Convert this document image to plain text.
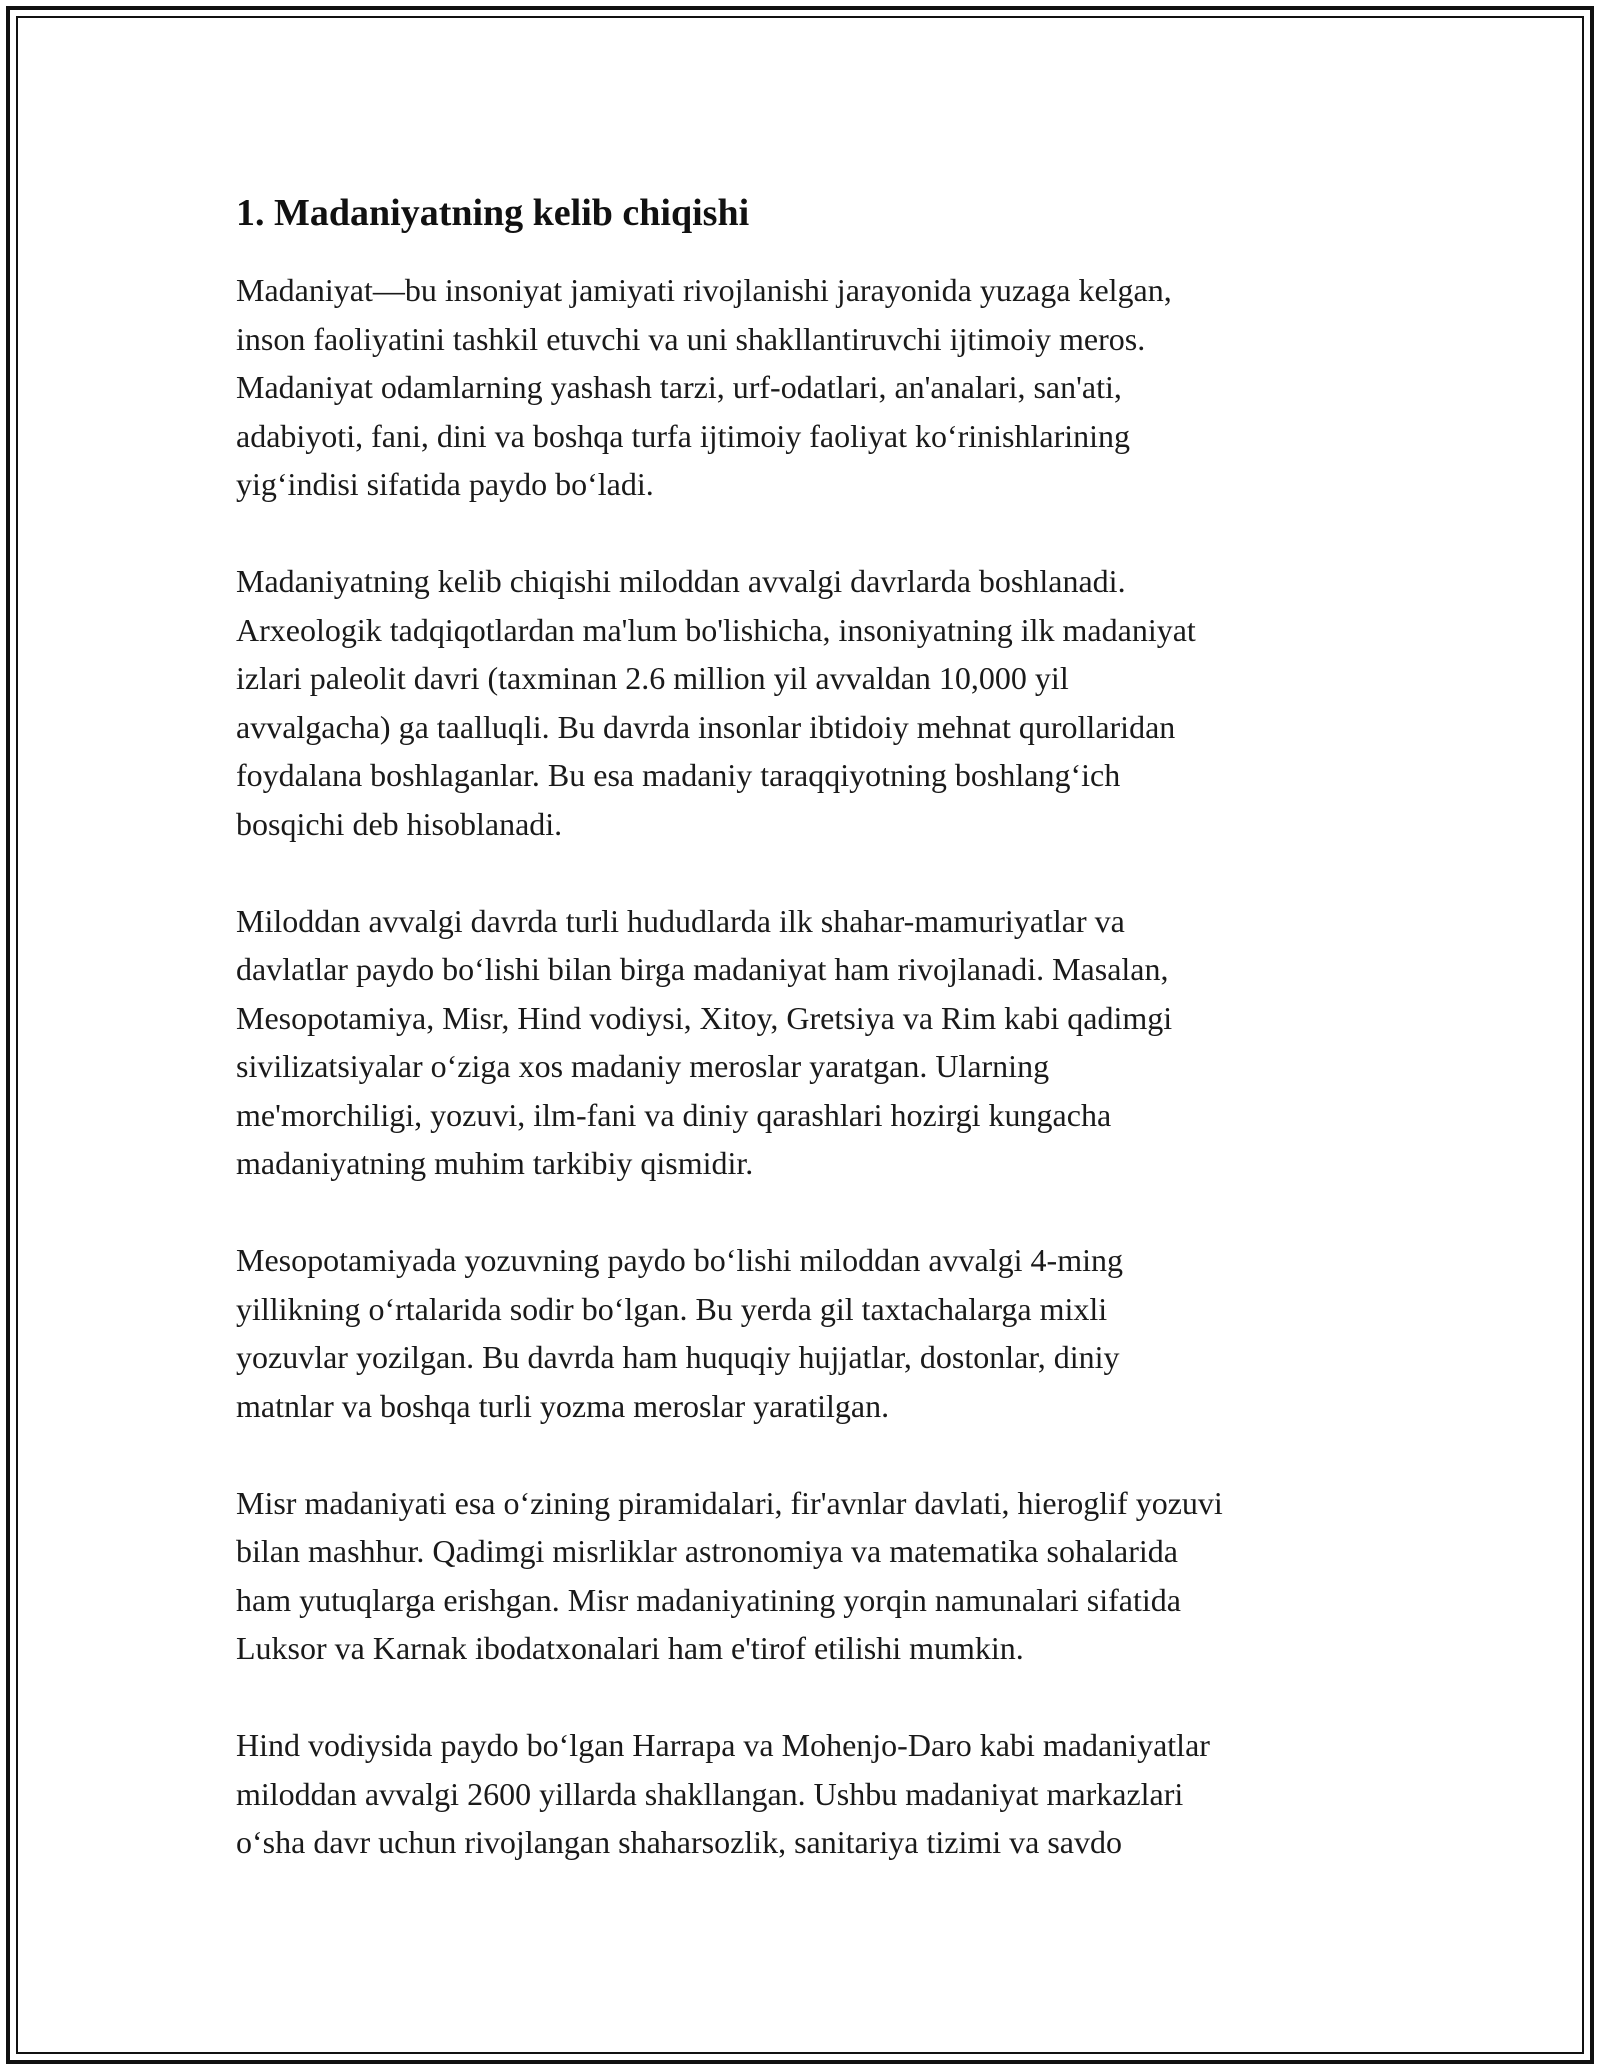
1. Madaniyatning kelib chiqishi

Madaniyat—bu insoniyat jamiyati rivojlanishi jarayonida yuzaga kelgan,
inson faoliyatini tashkil etuvchi va uni shakllantiruvchi ijtimoiy meros.
Madaniyat odamlarning yashash tarzi, urf-odatlari, an'analari, san'ati,
adabiyoti, fani, dini va boshqa turfa ijtimoiy faoliyat ko‘rinishlarining
yig‘indisi sifatida paydo bo‘ladi.

Madaniyatning kelib chiqishi miloddan avvalgi davrlarda boshlanadi.
Arxeologik tadqiqotlardan ma'lum bo'lishicha, insoniyatning ilk madaniyat
izlari paleolit davri (taxminan 2.6 million yil avvaldan 10,000 yil
avvalgacha) ga taalluqli. Bu davrda insonlar ibtidoiy mehnat qurollaridan
foydalana boshlaganlar. Bu esa madaniy taraqqiyotning boshlang‘ich
bosqichi deb hisoblanadi.

Miloddan avvalgi davrda turli hududlarda ilk shahar-mamuriyatlar va
davlatlar paydo bo‘lishi bilan birga madaniyat ham rivojlanadi. Masalan,
Mesopotamiya, Misr, Hind vodiysi, Xitoy, Gretsiya va Rim kabi qadimgi
sivilizatsiyalar o‘ziga xos madaniy meroslar yaratgan. Ularning
me'morchiligi, yozuvi, ilm-fani va diniy qarashlari hozirgi kungacha
madaniyatning muhim tarkibiy qismidir.

Mesopotamiyada yozuvning paydo bo‘lishi miloddan avvalgi 4-ming
yillikning o‘rtalarida sodir bo‘lgan. Bu yerda gil taxtachalarga mixli
yozuvlar yozilgan. Bu davrda ham huquqiy hujjatlar, dostonlar, diniy
matnlar va boshqa turli yozma meroslar yaratilgan.

Misr madaniyati esa o‘zining piramidalari, fir'avnlar davlati, hieroglif yozuvi
bilan mashhur. Qadimgi misrliklar astronomiya va matematika sohalarida
ham yutuqlarga erishgan. Misr madaniyatining yorqin namunalari sifatida
Luksor va Karnak ibodatxonalari ham e'tirof etilishi mumkin.

Hind vodiysida paydo bo‘lgan Harrapa va Mohenjo-Daro kabi madaniyatlar
miloddan avvalgi 2600 yillarda shakllangan. Ushbu madaniyat markazlari
o‘sha davr uchun rivojlangan shaharsozlik, sanitariya tizimi va savdo
